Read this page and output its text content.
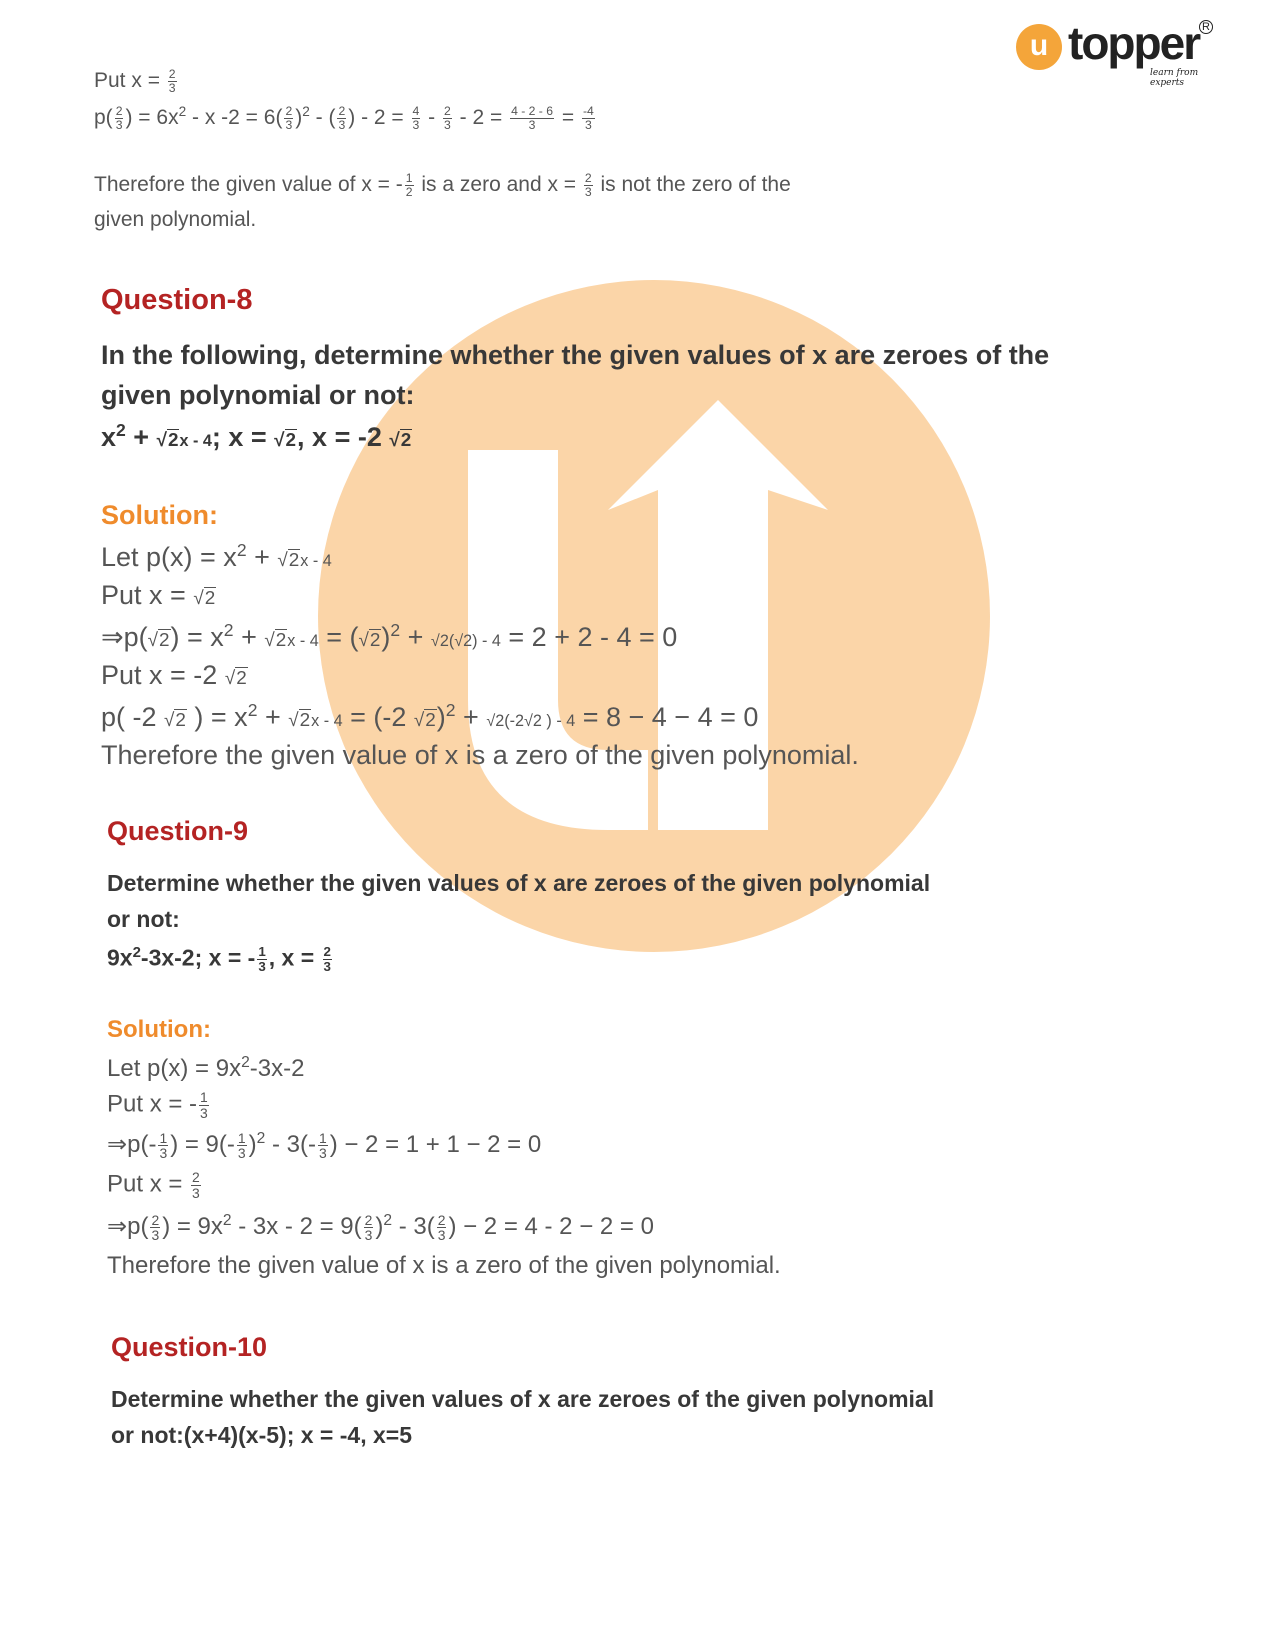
u topper R
learn from experts
Put $x = \frac{2}{3}$
$p( \frac{2}{3}$ ) = $6x^2$ - x $-2 = 6( \frac{2}{3} )^2$ - ( $\frac{2}{3}$ ) - $2 = \frac{4}{3} - \frac{2}{3} - 2 = \frac{4 - 2 - 6}{3} = \frac{-4}{3}$
Therefore the given value of x = - $\frac{1}{2}$ is a zero and $x = \frac{2}{3}$ is not the zero of the
given polynomial.
Question-8
In the following, determine whether the given values of x are zeroes of the
given polynomial or not:
$x^2 + √2x - 4$; x = √2, x = -2 √2
Solution:
Let $p(x) = x^2 + √2x - 4$
Put x = √2
⇒p(√2) = $x^2 + √2x - 4 = (√2)^2 + √2(√2) - 4 = 2 + 2 - 4 = 0$
Put x = -2 √2
p( -2 √2 ) = $x^2 + √2x - 4 = (-2$ √2)$^2$ + √2(-2√2 ) - 4 = 8 − 4 − 4 = 0
Therefore the given value of x is a zero of the given polynomial.
Question-9
Determine whether the given values of x are zeroes of the given polynomial
or not:
$9x^2-3x-2$; x = - $\frac{1}{3}$ , $x = \frac{2}{3}$
Solution:
Let $p(x) = 9x^2-3x-2$
Put x = - $\frac{1}{3}$
⇒p(- $\frac{1}{3}$ ) = $9(- \frac{1}{3} )^2 - 3(- \frac{1}{3}$ ) − 2 = 1 + 1 − 2 = 0
Put $x = \frac{2}{3}$
⇒p( $\frac{2}{3}$ ) = $9x^2 - 3x - 2 = 9( \frac{2}{3} )^2 - 3( \frac{2}{3}$ ) − 2 = 4 - 2 − 2 = 0
Therefore the given value of x is a zero of the given polynomial.
Question-10
Determine whether the given values of x are zeroes of the given polynomial
or not:(x+4)(x-5); x = -4, x=5
